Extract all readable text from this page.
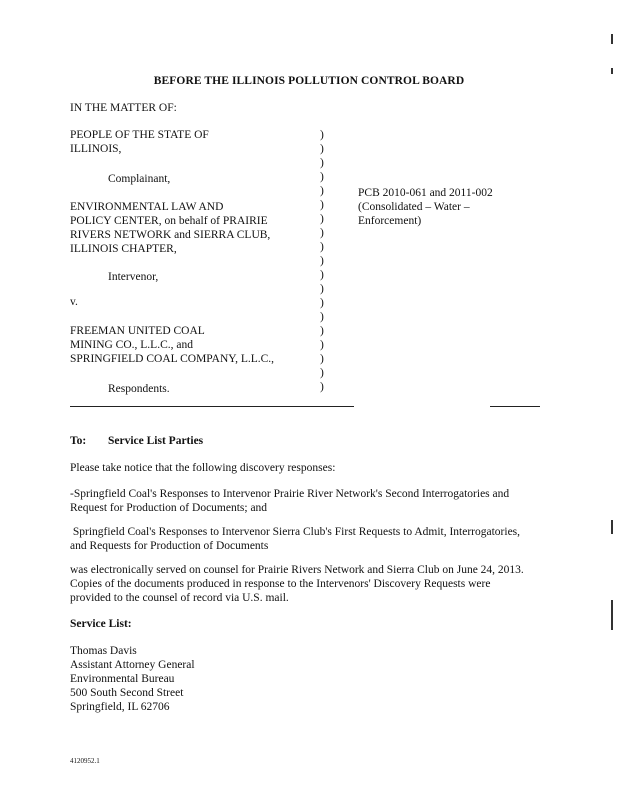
BEFORE THE ILLINOIS POLLUTION CONTROL BOARD
IN THE MATTER OF:
PEOPLE OF THE STATE OF
ILLINOIS,
Complainant,
ENVIRONMENTAL LAW AND
POLICY CENTER, on behalf of PRAIRIE
RIVERS NETWORK and SIERRA CLUB,
ILLINOIS CHAPTER,
Intervenor,
v.
FREEMAN UNITED COAL
MINING CO., L.L.C., and
SPRINGFIELD COAL COMPANY, L.L.C.,
Respondents.
)
)
)
)
)
)
)
)
)
)
)
)
)
)
)
)
)
)
)
PCB 2010-061 and 2011-002
(Consolidated – Water –
Enforcement)
To: Service List Parties
Please take notice that the following discovery responses:
-Springfield Coal's Responses to Intervenor Prairie River Network's Second Interrogatories and
Request for Production of Documents; and
Springfield Coal's Responses to Intervenor Sierra Club's First Requests to Admit, Interrogatories,
and Requests for Production of Documents
was electronically served on counsel for Prairie Rivers Network and Sierra Club on June 24, 2013.
Copies of the documents produced in response to the Intervenors' Discovery Requests were
provided to the counsel of record via U.S. mail.
Service List:
Thomas Davis
Assistant Attorney General
Environmental Bureau
500 South Second Street
Springfield, IL 62706
4120952.1
